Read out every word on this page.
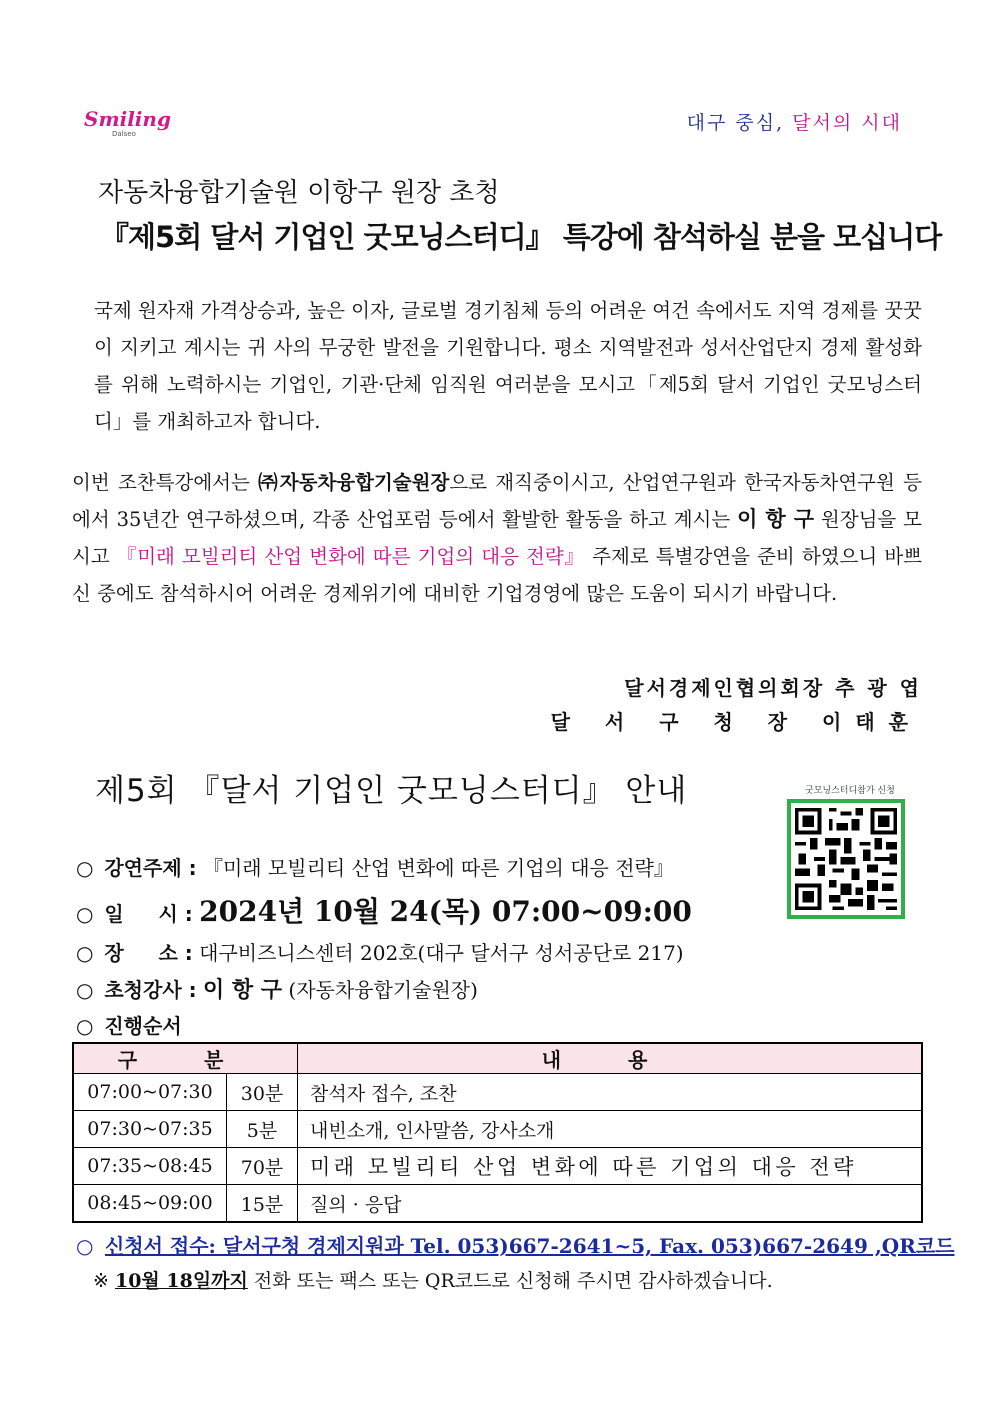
Smiling
Dalseo	대구 중심, 달서의 시대
자동차융합기술원 이항구 원장 초청
『제5회 달서 기업인 굿모닝스터디』 특강에 참석하실 분을 모십니다

국제 원자재 가격상승과, 높은 이자, 글로벌 경기침체 등의 어려운 여건 속에서도 지역 경제를 꿋꿋이 지키고 계시는 귀 사의 무궁한 발전을 기원합니다. 평소 지역발전과 성서산업단지 경제 활성화를 위해 노력하시는 기업인, 기관·단체 임직원 여러분을 모시고「제5회 달서 기업인 굿모닝스터디」를 개최하고자 합니다.

이번 조찬특강에서는 ㈜자동차융합기술원장으로 재직중이시고, 산업연구원과 한국자동차연구원 등에서 35년간 연구하셨으며, 각종 산업포럼 등에서 활발한 활동을 하고 계시는 이 항 구 원장님을 모시고 『미래 모빌리티 산업 변화에 따른 기업의 대응 전략』 주제로 특별강연을 준비 하였으니 바쁘신 중에도 참석하시어 어려운 경제위기에 대비한 기업경영에 많은 도움이 되시기 바랍니다.

달서경제인협의회장 추 광 엽
달 서 구 청 장 이태훈
제5회 『달서 기업인 굿모닝스터디』 안내	굿모닝스터디참가 신청
○ 강연주제 : 『미래 모빌리티 산업 변화에 따른 기업의 대응 전략』
○ 일     시 : 2024년 10월 24(목) 07:00~09:00
○ 장     소 : 대구비즈니스센터 202호(대구 달서구 성서공단로 217)
○ 초청강사 : 이 항 구 (자동차융합기술원장)
○ 진행순서
구 분		내 용
07:00~07:30	30분	참석자 접수, 조찬
07:30~07:35	5분	내빈소개, 인사말씀, 강사소개
07:35~08:45	70분	미래 모빌리티 산업 변화에 따른 기업의 대응 전략
08:45~09:00	15분	질의 · 응답
○ 신청서 접수: 달서구청 경제지원과 Tel. 053)667-2641~5, Fax. 053)667-2649 ,QR코드
※ 10월 18일까지 전화 또는 팩스 또는 QR코드로 신청해 주시면 감사하겠습니다.
